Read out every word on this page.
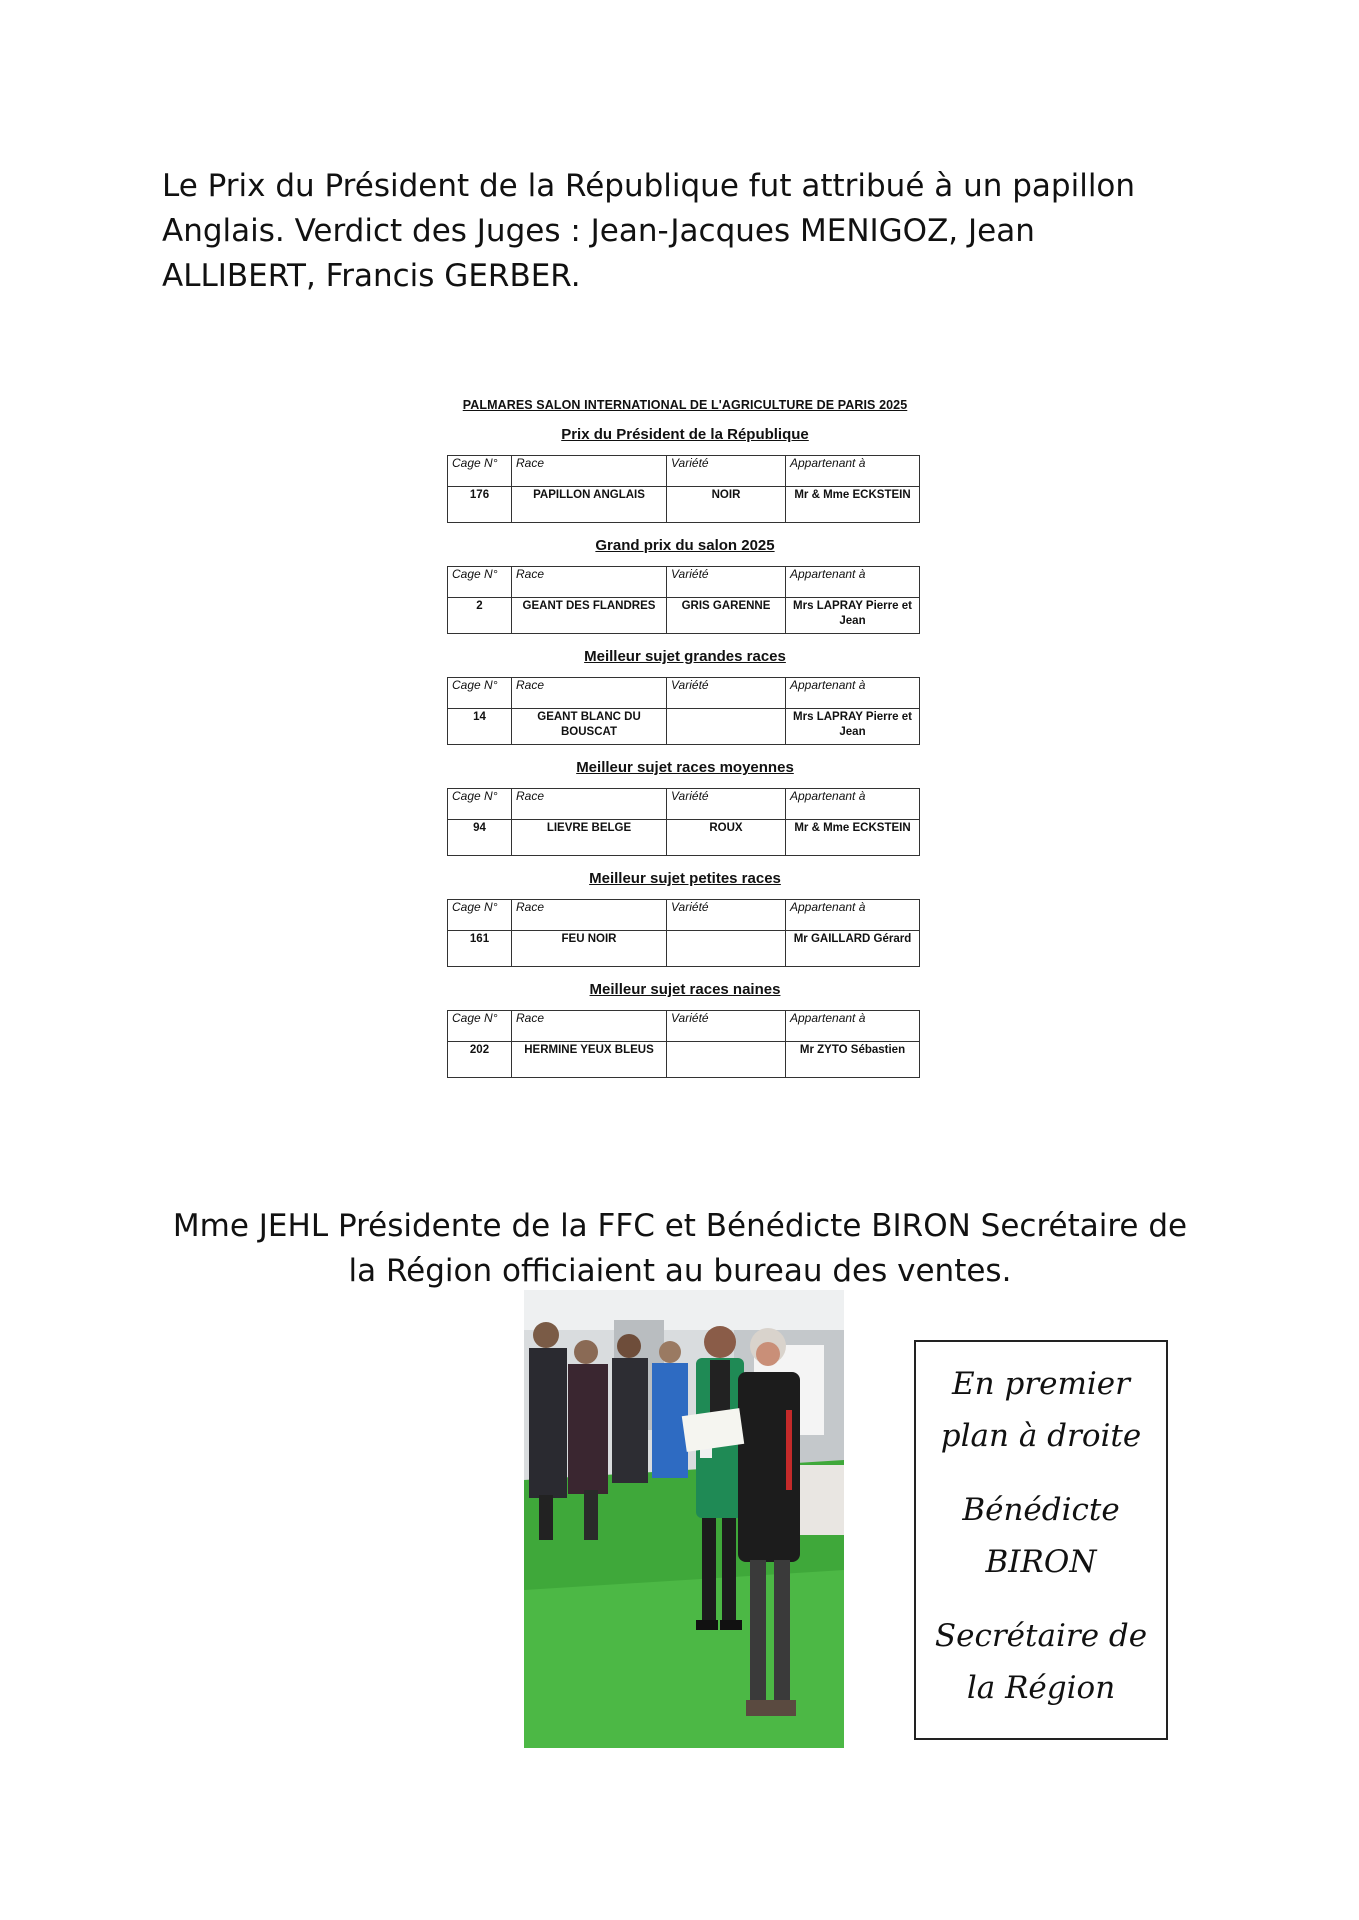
Le Prix du Président de la République fut attribué à un papillon Anglais. Verdict des Juges : Jean-Jacques MENIGOZ, Jean ALLIBERT, Francis GERBER.

PALMARES SALON INTERNATIONAL DE L'AGRICULTURE DE PARIS 2025
Prix du Président de la République
Cage N°	Race	Variété	Appartenant à
176	PAPILLON ANGLAIS	NOIR	Mr & Mme ECKSTEIN
Grand prix du salon 2025
Cage N°	Race	Variété	Appartenant à
2	GEANT DES FLANDRES	GRIS GARENNE	Mrs LAPRAY Pierre et Jean
Meilleur sujet grandes races
Cage N°	Race	Variété	Appartenant à
14	GEANT BLANC DU BOUSCAT		Mrs LAPRAY Pierre et Jean
Meilleur sujet races moyennes
Cage N°	Race	Variété	Appartenant à
94	LIEVRE BELGE	ROUX	Mr & Mme ECKSTEIN
Meilleur sujet petites races
Cage N°	Race	Variété	Appartenant à
161	FEU NOIR		Mr GAILLARD Gérard
Meilleur sujet races naines
Cage N°	Race	Variété	Appartenant à
202	HERMINE YEUX BLEUS		Mr ZYTO Sébastien
Mme JEHL Présidente de la FFC et Bénédicte BIRON Secrétaire de
la Région officiaient au bureau des ventes.

En premier plan à droite

Bénédicte BIRON

Secrétaire de la Région
